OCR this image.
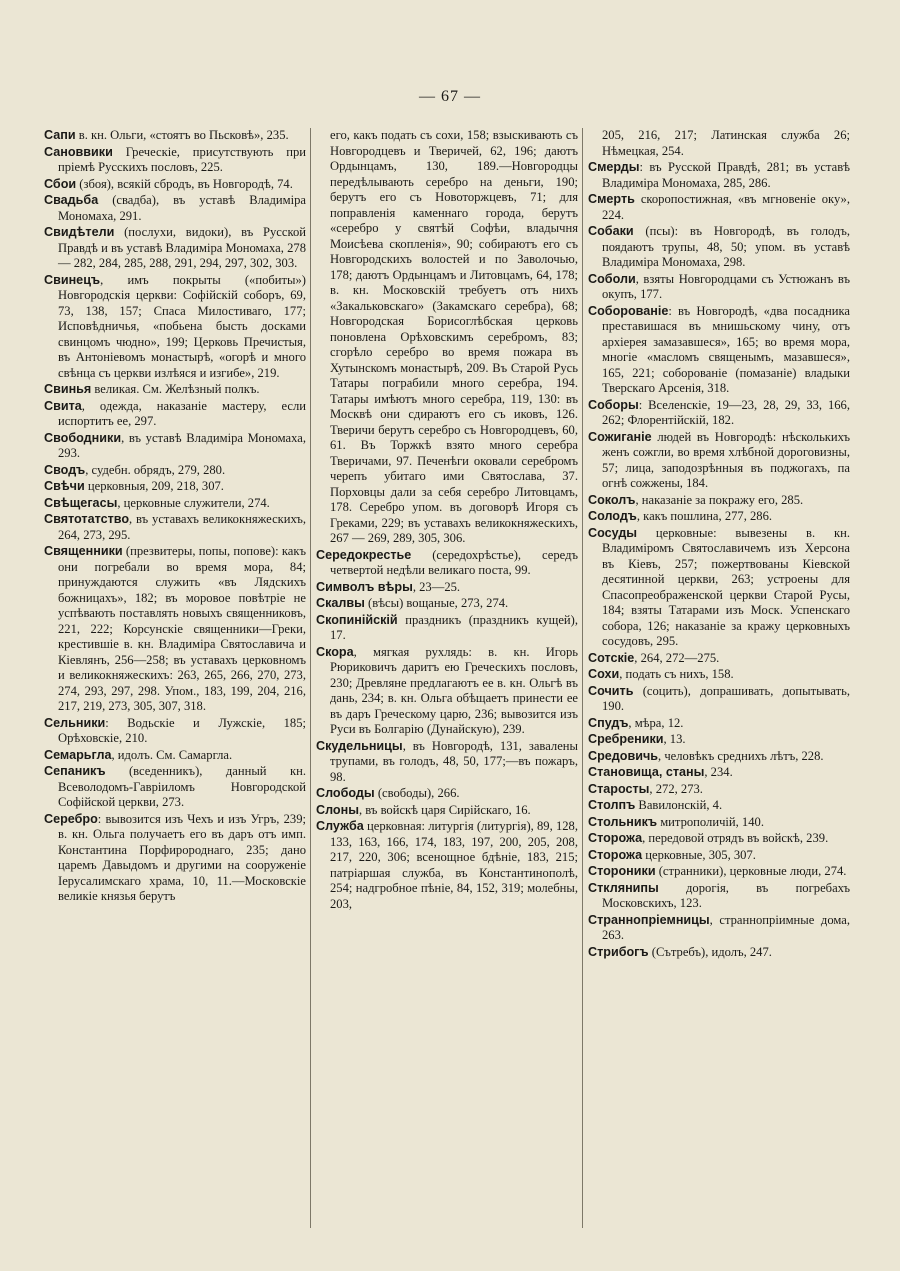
— 67 —

Сапи в. кн. Ольги, «стоятъ во Пьсковѣ», 235.

Сановвики Греческіе, присутствують при пріемѣ Русскихъ пословъ, 225.

Сбои (збоя), всякій сбродъ, въ Новгородѣ, 74.

Свадьба (свадба), въ уставѣ Владиміра Мономаха, 291.

Свидѣтели (послухи, видоки), въ Русской Правдѣ и въ уставѣ Владиміра Мономаха, 278 — 282, 284, 285, 288, 291, 294, 297, 302, 303.

Свинецъ, имъ покрыты («побиты») Новгородскія церкви: Софійскій соборъ, 69, 73, 138, 157; Спаса Милостиваго, 177; Исповѣдничья, «побьена бысть досками свинцомъ чюдно», 199; Церковь Пречистыя, въ Антоніевомъ монастырѣ, «огорѣ и много свѣнца съ церкви излѣяся и изгибе», 219.

Свинья великая. См. Желѣзный полкъ.

Свита, одежда, наказаніе мастеру, если испортитъ ее, 297.

Свободники, въ уставѣ Владиміра Мономаха, 293.

Сводъ, судебн. обрядъ, 279, 280.

Свѣчи церковныя, 209, 218, 307.

Свѣщегасы, церковные служители, 274.

Святотатство, въ уставахъ великокняжескихъ, 264, 273, 295.

Священники (презвитеры, попы, попове): какъ они погребали во время мора, 84; принуждаются служить «въ Лядскихъ божницахъ», 182; въ моровое повѣтріе не успѣвають поставлять новыхъ священниковъ, 221, 222; Корсунскіе священники—Греки, крестившіе в. кн. Владиміра Святославича и Кіевлянъ, 256—258; въ уставахъ церковномъ и великокняжескихъ: 263, 265, 266, 270, 273, 274, 293, 297, 298. Упом., 183, 199, 204, 216, 217, 219, 273, 305, 307, 318.

Сельники: Водьскіе и Лужскіе, 185; Орѣховскіе, 210.

Семарьгла, идолъ. См. Самаргла.

Сепаникъ (вседенникъ), данный кн. Всеволодомъ-Гавріиломъ Новгородской Софійской церкви, 273.

Серебро: вывозится изъ Чехъ и изъ Угръ, 239; в. кн. Ольга получаетъ его въ даръ отъ имп. Константина Порфиророднаго, 235; дано царемъ Давыдомъ и другими на сооруженіе Іерусалимскаго храма, 10, 11.—Московскіе великіе князья берутъ

его, какъ подать съ сохи, 158; взыскивають съ Новгородцевъ и Тверичей, 62, 196; даютъ Ордынцамъ, 130, 189.—Новгородцы передѣлывають серебро на деньги, 190; берутъ его съ Новоторжцевъ, 71; для поправленія каменнаго города, берутъ «серебро у святѣй Софѣи, владычня Моисѣева скопленія», 90; собираютъ его съ Новгородскихъ волостей и по Заволочью, 178; даютъ Ордынцамъ и Литовцамъ, 64, 178; в. кн. Московскій требуетъ отъ нихъ «Закальковскаго» (Закамскаго серебра), 68; Новгородская Борисоглѣбская церковь поновлена Орѣховскимъ серебромъ, 83; сгорѣло серебро во время пожара въ Хутынскомъ монастырѣ, 209. Въ Старой Русь Татары пограбили много серебра, 194. Татары имѣютъ много серебра, 119, 130: въ Москвѣ они сдираютъ его съ иковъ, 126. Тверичи берутъ серебро съ Новгородцевъ, 60, 61. Въ Торжкѣ взято много серебра Тверичами, 97. Печенѣги оковали серебромъ черепъ убитаго ими Святослава, 37. Порховцы дали за себя серебро Литовцамъ, 178. Серебро упом. въ договорѣ Игоря съ Греками, 229; въ уставахъ великокняжескихъ, 267 — 269, 289, 305, 306.

Середокрестье (середохрѣстье), середъ четвертой недѣли великаго поста, 99.

Символъ вѣры, 23—25.

Скалвы (вѣсы) вощаные, 273, 274.

Скопинійскій праздникъ (праздникъ кущей), 17.

Скора, мягкая рухлядь: в. кн. Игорь Рюриковичъ даритъ ею Греческихъ пословъ, 230; Древляне предлагаютъ ее в. кн. Ольгѣ въ дань, 234; в. кн. Ольга обѣщаетъ принести ее въ даръ Греческому царю, 236; вывозится изъ Руси въ Болгарію (Дунайскую), 239.

Скудельницы, въ Новгородѣ, 131, завалены трупами, въ голодъ, 48, 50, 177;—въ пожаръ, 98.

Слободы (свободы), 266.

Слоны, въ войскѣ царя Сирійскаго, 16.

Служба церковная: литургія (литургія), 89, 128, 133, 163, 166, 174, 183, 197, 200, 205, 208, 217, 220, 306; всенощное бдѣніе, 183, 215; патріаршая служба, въ Константинополѣ, 254; надгробное пѣніе, 84, 152, 319; молебны, 203,

205, 216, 217; Латинская служба 26; Нѣмецкая, 254.

Смерды: въ Русской Правдѣ, 281; въ уставѣ Владиміра Мономаха, 285, 286.

Смерть скоропостижная, «въ мгновеніе оку», 224.

Собаки (псы): въ Новгородѣ, въ голодъ, поядаютъ трупы, 48, 50; упом. въ уставѣ Владиміра Мономаха, 298.

Соболи, взяты Новгородцами съ Устюжанъ въ окупъ, 177.

Соборованіе: въ Новгородѣ, «два посадника преставишася въ мнишьскому чину, отъ архіерея замазавшеся», 165; во время мора, многіе «масломъ священымъ, мазавшеся», 165, 221; соборованіе (помазаніе) владыки Тверскаго Арсенія, 318.

Соборы: Вселенскіе, 19—23, 28, 29, 33, 166, 262; Флорентійскій, 182.

Сожиганіе людей въ Новгородѣ: нѣсколькихъ женъ сожгли, во время хлѣбной дороговизны, 57; лица, заподозрѣнныя въ поджогахъ, па огнѣ сожжены, 184.

Соколъ, наказаніе за покражу его, 285.

Солодъ, какъ пошлина, 277, 286.

Сосуды церковные: вывезены в. кн. Владиміромъ Святославичемъ изъ Херсона въ Кіевъ, 257; пожертвованы Кіевской десятинной церкви, 263; устроены для Спасопреображенской церкви Старой Русы, 184; взяты Татарами изъ Моск. Успенскаго собора, 126; наказаніе за кражу церковныхъ сосудовъ, 295.

Сотскіе, 264, 272—275.

Сохи, подать съ нихъ, 158.

Сочить (социть), допрашивать, допытывать, 190.

Спудъ, мѣра, 12.

Сребреники, 13.

Средовичь, человѣкъ среднихъ лѣтъ, 228.

Становища, станы, 234.

Старосты, 272, 273.

Столпъ Вавилонскій, 4.

Стольникъ митрополичій, 140.

Сторожа, передовой отрядъ въ войскѣ, 239.

Сторожа церковные, 305, 307.

Стороники (странники), церковные люди, 274.

Стклянипы дорогія, въ погребахъ Московскихъ, 123.

Страннопріемницы, страннопріимные дома, 263.

Стрибогъ (Сътребъ), идолъ, 247.
